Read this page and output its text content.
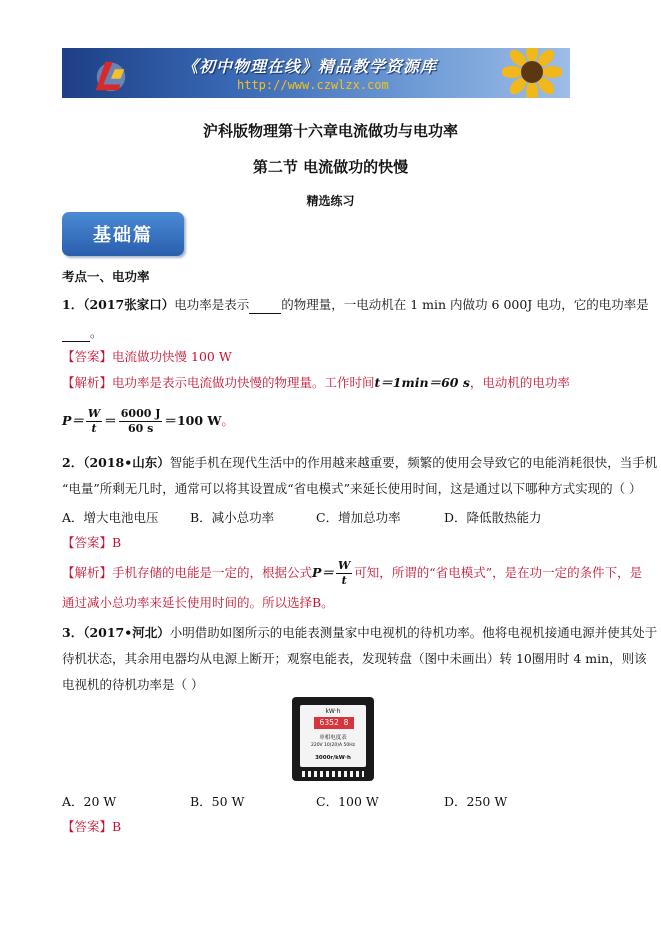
《初中物理在线》精品教学资源库
http://www.czwlzx.com
沪科版物理第十六章电流做功与电功率
第二节 电流做功的快慢
精选练习
基础篇
考点一、电功率
1．（2017张家口）电功率是表示	的物理量，一电动机在 1 min 内做功 6 000J 电功，它的电功率是
。
【答案】电流做功快慢 100 W
【解析】电功率是表示电流做功快慢的物理量。工作时间t＝1min＝60 s，电动机的电功率
$P= \frac{W}{t} = \frac{6000 J}{60 s} =100$ W。
2．（2018•山东）智能手机在现代生活中的作用越来越重要，频繁的使用会导致它的电能消耗很快，当手机
“电量”所剩无几时，通常可以将其设置成“省电模式”来延长使用时间，这是通过以下哪种方式实现的（ ）
A．增大电池电压	B．减小总功率	C．增加总功率	D．降低散热能力
【答案】B
【解析】手机存储的电能是一定的，根据公式$P= \frac{W}{t}$ 可知，所谓的“省电模式”，是在功一定的条件下，是
通过减小总功率来延长使用时间的。所以选择B。
3．（2017•河北）小明借助如图所示的电能表测量家中电视机的待机功率。他将电视机接通电源并使其处于
待机状态，其余用电器均从电源上断开；观察电能表，发现转盘（图中未画出）转 10圈用时 4 min，则该
电视机的待机功率是（ ）
kW·h
6352 8
单相电度表
220V 10(20)A 50Hz
3000r/kW·h
A．20 W	B．50 W	C．100 W	D．250 W
【答案】B
